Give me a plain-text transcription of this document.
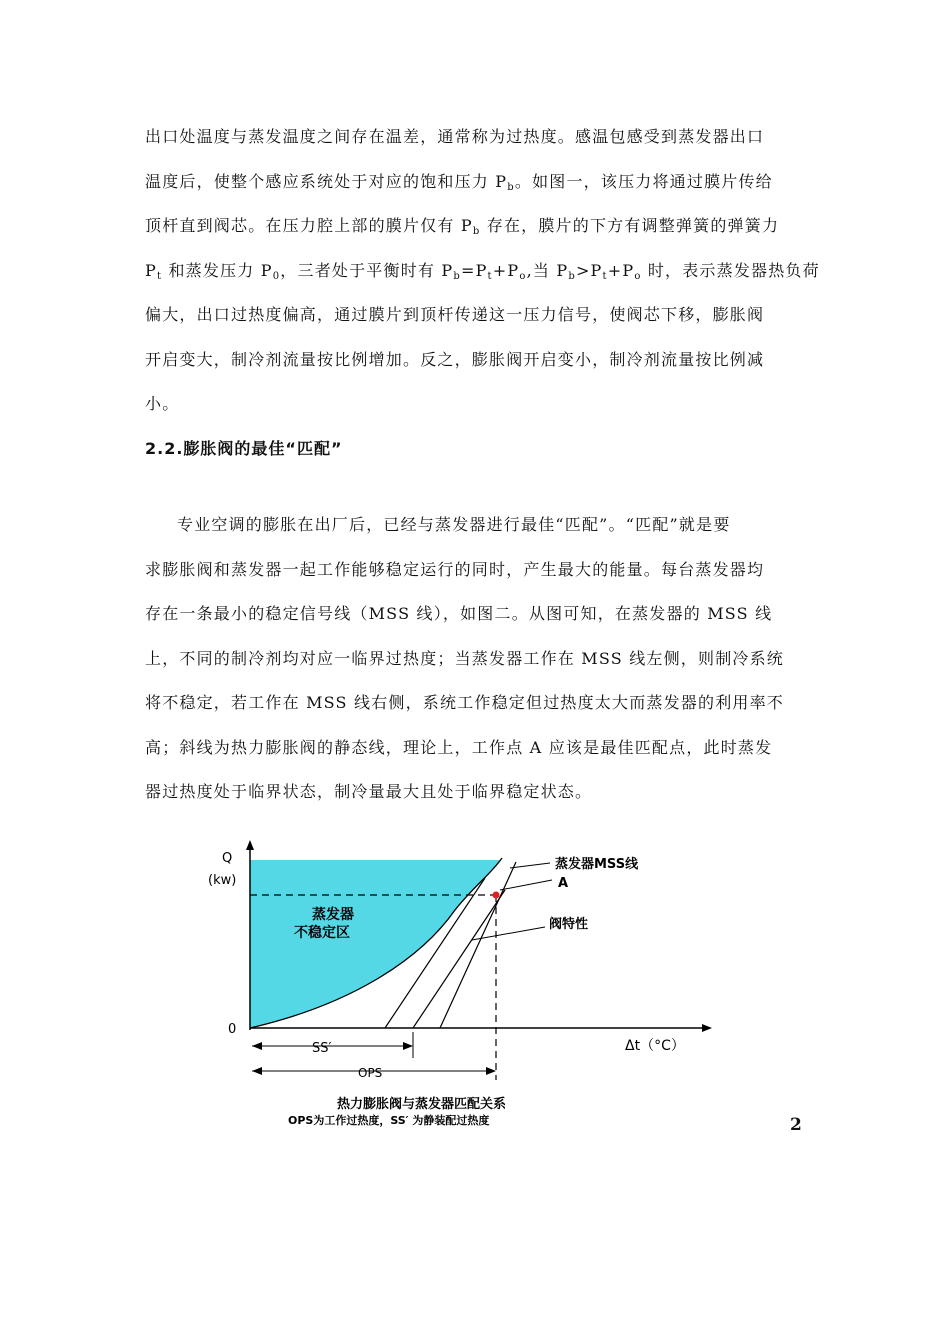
出口处温度与蒸发温度之间存在温差，通常称为过热度。感温包感受到蒸发器出口
温度后，使整个感应系统处于对应的饱和压力 $P_b$。如图一，该压力将通过膜片传给
顶杆直到阀芯。在压力腔上部的膜片仅有 $P_b$ 存在，膜片的下方有调整弹簧的弹簧力
$P_t$ 和蒸发压力 $P_0$，三者处于平衡时有 $P_b=P_t+P_o$,当 $P_b>P_t+P_o$ 时，表示蒸发器热负荷
偏大，出口过热度偏高，通过膜片到顶杆传递这一压力信号，使阀芯下移，膨胀阀
开启变大，制冷剂流量按比例增加。反之，膨胀阀开启变小，制冷剂流量按比例减
小。
2.2.膨胀阀的最佳“匹配”
专业空调的膨胀在出厂后，已经与蒸发器进行最佳“匹配”。“匹配”就是要
求膨胀阀和蒸发器一起工作能够稳定运行的同时，产生最大的能量。每台蒸发器均
存在一条最小的稳定信号线（MSS 线），如图二。从图可知，在蒸发器的 MSS 线
上，不同的制冷剂均对应一临界过热度；当蒸发器工作在 MSS 线左侧，则制冷系统
将不稳定，若工作在 MSS 线右侧，系统工作稳定但过热度太大而蒸发器的利用率不
高；斜线为热力膨胀阀的静态线，理论上，工作点 A 应该是最佳匹配点，此时蒸发
器过热度处于临界状态，制冷量最大且处于临界稳定状态。
Q
(kw)
0
Δt（°C）
蒸发器
不稳定区
蒸发器MSS线
A
阀特性
SS′
OPS
热力膨胀阀与蒸发器匹配关系
OPS为工作过热度，SS′ 为静装配过热度	2
